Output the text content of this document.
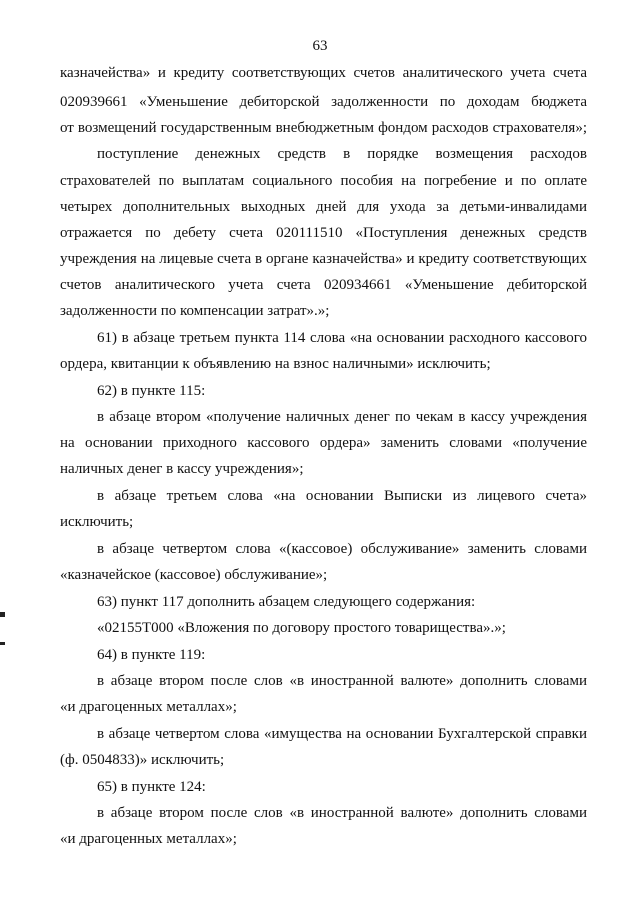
63
казначейства» и кредиту соответствующих счетов аналитического учета счета
020939661 «Уменьшение дебиторской задолженности по доходам бюджета
от возмещений государственным внебюджетным фондом расходов страхователя»;
поступление денежных средств в порядке возмещения расходов
страхователей по выплатам социального пособия на погребение и по оплате
четырех дополнительных выходных дней для ухода за детьми-инвалидами
отражается по дебету счета 020111510 «Поступления денежных средств
учреждения на лицевые счета в органе казначейства» и кредиту соответствующих
счетов аналитического учета счета 020934661 «Уменьшение дебиторской
задолженности по компенсации затрат».»;
61) в абзаце третьем пункта 114 слова «на основании расходного кассового
ордера, квитанции к объявлению на взнос наличными» исключить;
62) в пункте 115:
в абзаце втором «получение наличных денег по чекам в кассу учреждения
на основании приходного кассового ордера» заменить словами «получение
наличных денег в кассу учреждения»;
в абзаце третьем слова «на основании Выписки из лицевого счета»
исключить;
в абзаце четвертом слова «(кассовое) обслуживание» заменить словами
«казначейское (кассовое) обслуживание»;
63) пункт 117 дополнить абзацем следующего содержания:
«02155Т000 «Вложения по договору простого товарищества».»;
64) в пункте 119:
в абзаце втором после слов «в иностранной валюте» дополнить словами
«и драгоценных металлах»;
в абзаце четвертом слова «имущества на основании Бухгалтерской справки
(ф. 0504833)» исключить;
65) в пункте 124:
в абзаце втором после слов «в иностранной валюте» дополнить словами
«и драгоценных металлах»;
